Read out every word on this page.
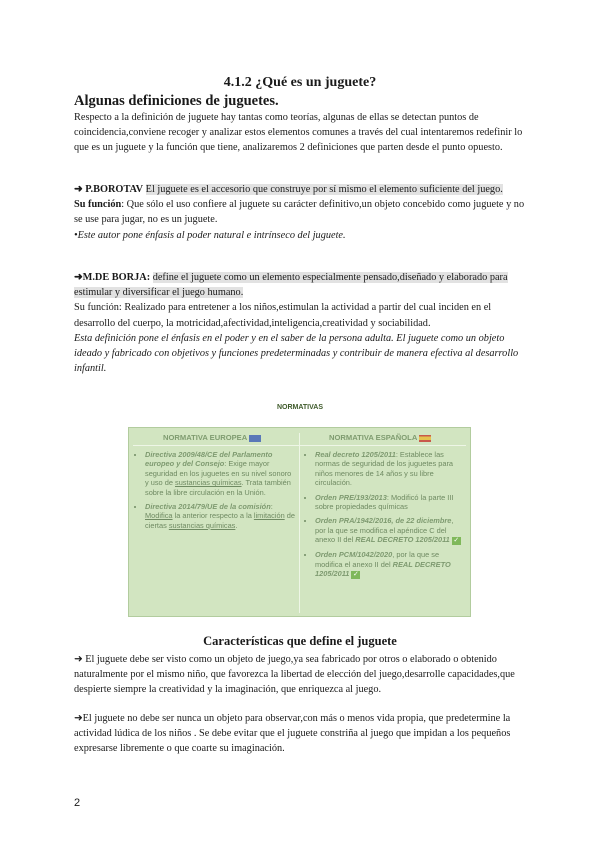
4.1.2 ¿Qué es un juguete?
Algunas definiciones de juguetes.
Respecto a la definición de juguete hay tantas como teorías, algunas de ellas se detectan puntos de coincidencia,conviene recoger y analizar estos elementos comunes a través del cual intentaremos redefinir lo que es un juguete y la función que tiene, analizaremos 2 definiciones que parten desde el punto opuesto.
➜ P.BOROTAV El juguete es el accesorio que construye por sí mismo el elemento suficiente del juego.
Su función: Que sólo el uso confiere al juguete su carácter definitivo,un objeto concebido como juguete y no se use para jugar, no es un juguete.
•Este autor pone énfasis al poder natural e intrínseco del juguete.
➜M.DE BORJA: define el juguete como un elemento especialmente pensado,diseñado y elaborado para estimular y diversificar el juego humano.
Su función: Realizado para entretener a los niños,estimulan la actividad a partir del cual inciden en el desarrollo del cuerpo, la motricidad,afectividad,inteligencia,creatividad y sociabilidad.
Esta definición pone el énfasis en el poder y en el saber de la persona adulta. El juguete como un objeto ideado y fabricado con objetivos y funciones predeterminadas y contribuir de manera efectiva al desarrollo infantil.
NORMATIVAS
NORMATIVA EUROPEA	NORMATIVA ESPAÑOLA
• Directiva 2009/48/CE del Parlamento europeo y del Consejo: Exige mayor seguridad en los juguetes en su nivel sonoro y uso de sustancias químicas. Trata también sobre la libre circulación en la Unión.
• Directiva 2014/79/UE de la comisión: Modifica la anterior respecto a la limitación de ciertas sustancias químicas.
• Real decreto 1205/2011: Establece las normas de seguridad de los juguetes para niños menores de 14 años y su libre circulación.
• Orden PRE/193/2013: Modificó la parte III sobre propiedades químicas
• Orden PRA/1942/2016, de 22 diciembre, por la que se modifica el apéndice C del anexo II del REAL DECRETO 1205/2011 ✓
• Orden PCM/1042/2020, por la que se modifica el anexo II del REAL DECRETO 1205/2011 ✓
Características que define el juguete
➜ El juguete debe ser visto como un objeto de juego,ya sea fabricado por otros o elaborado o obtenido naturalmente por el mismo niño, que favorezca la libertad de elección del juego,desarrolle capacidades,que despierte siempre la creatividad y la imaginación, que enriquezca al juego.
➜El juguete no debe ser nunca un objeto para observar,con más o menos vida propia, que predetermine la actividad lúdica de los niños . Se debe evitar que el juguete constriña al juego que impidan a los pequeños expresarse libremente o que coarte su imaginación.
2
